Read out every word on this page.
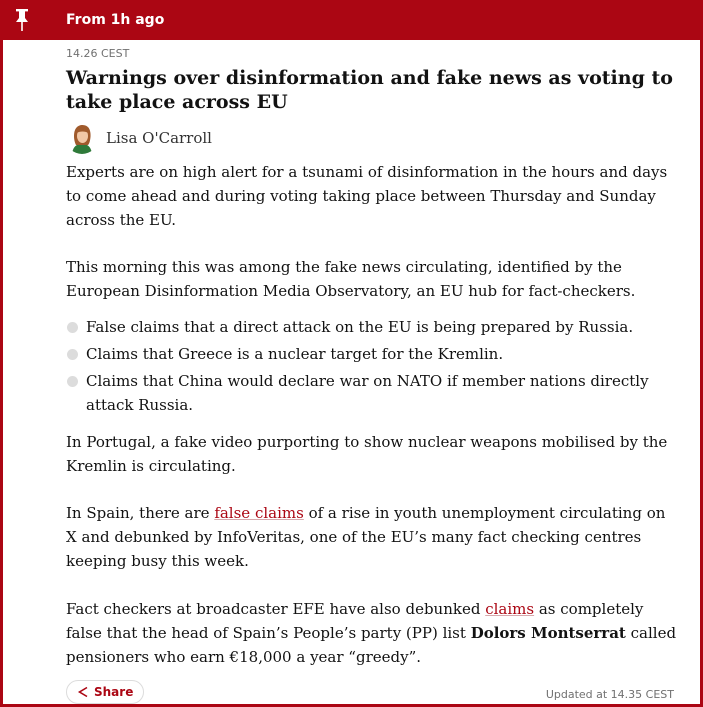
From 1h ago
14.26 CEST
Warnings over disinformation and fake news as voting to take place across EU
Lisa O'Carroll

Experts are on high alert for a tsunami of disinformation in the hours and days to come ahead and during voting taking place between Thursday and Sunday across the EU.

This morning this was among the fake news circulating, identified by the European Disinformation Media Observatory, an EU hub for fact-checkers.

False claims that a direct attack on the EU is being prepared by Russia.
Claims that Greece is a nuclear target for the Kremlin.
Claims that China would declare war on NATO if member nations directly attack Russia.

In Portugal, a fake video purporting to show nuclear weapons mobilised by the Kremlin is circulating.

In Spain, there are false claims of a rise in youth unemployment circulating on X and debunked by InfoVeritas, one of the EU’s many fact checking centres keeping busy this week.

Fact checkers at broadcaster EFE have also debunked claims as completely false that the head of Spain’s People’s party (PP) list Dolors Montserrat called pensioners who earn €18,000 a year “greedy”.

Share	Updated at 14.35 CEST
